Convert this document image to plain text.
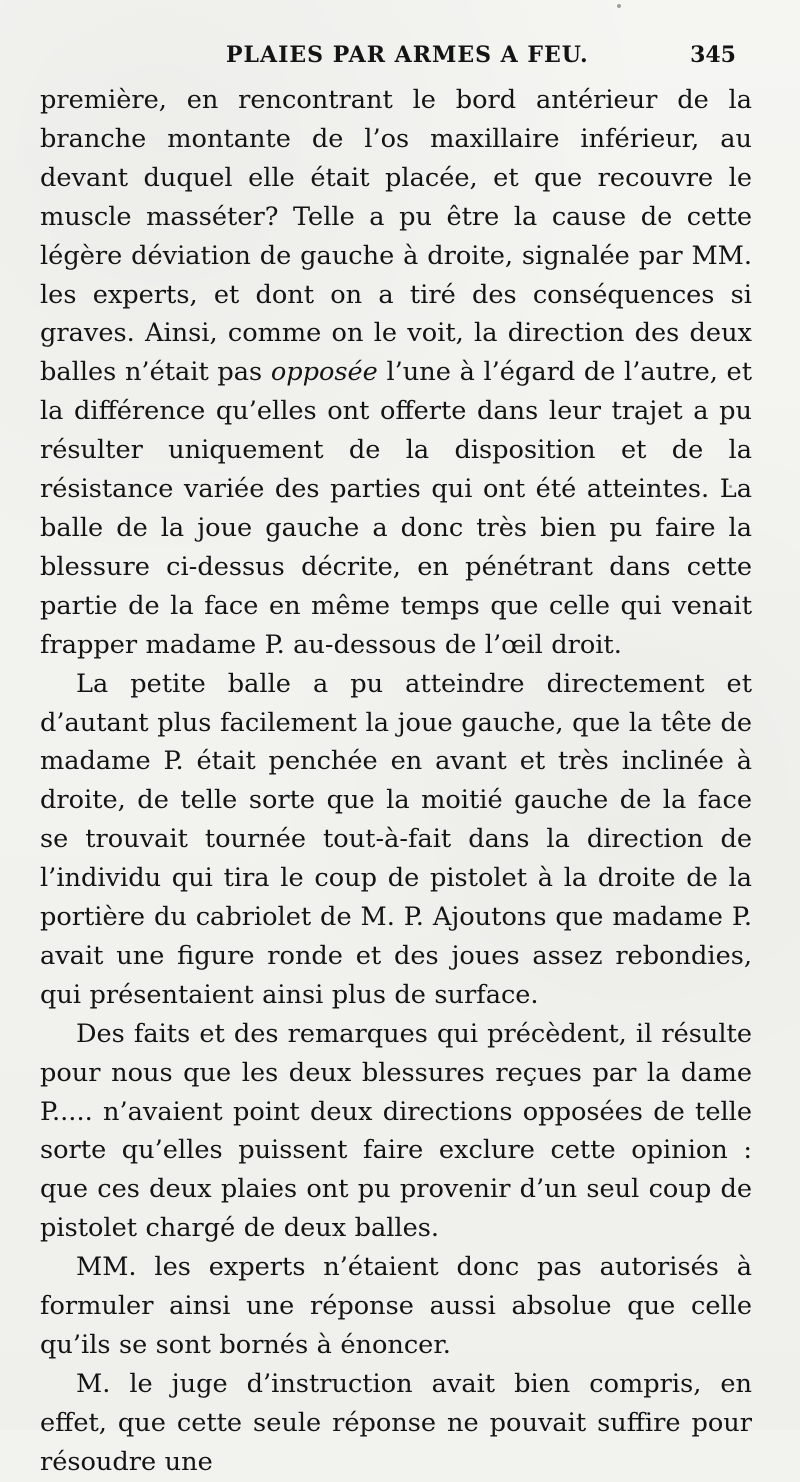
PLAIES PAR ARMES A FEU.	345

première, en rencontrant le bord antérieur de la branche montante de l’os maxillaire inférieur, au devant duquel elle était placée, et que recouvre le muscle masséter? Telle a pu être la cause de cette légère déviation de gauche à droite, signalée par MM. les experts, et dont on a tiré des conséquences si graves. Ainsi, comme on le voit, la direction des deux balles n’était pas opposée l’une à l’égard de l’autre, et la différence qu’elles ont offerte dans leur trajet a pu résulter uniquement de la disposition et de la résistance variée des parties qui ont été atteintes. La balle de la joue gauche a donc très bien pu faire la blessure ci-dessus décrite, en pénétrant dans cette partie de la face en même temps que celle qui venait frapper madame P. au-dessous de l’œil droit.

La petite balle a pu atteindre directement et d’autant plus facilement la joue gauche, que la tête de madame P. était penchée en avant et très inclinée à droite, de telle sorte que la moitié gauche de la face se trouvait tournée tout-à-fait dans la direction de l’individu qui tira le coup de pistolet à la droite de la portière du cabriolet de M. P. Ajoutons que madame P. avait une figure ronde et des joues assez rebondies, qui présentaient ainsi plus de surface.

Des faits et des remarques qui précèdent, il résulte pour nous que les deux blessures reçues par la dame P..... n’avaient point deux directions opposées de telle sorte qu’elles puissent faire exclure cette opinion : que ces deux plaies ont pu provenir d’un seul coup de pistolet chargé de deux balles.

MM. les experts n’étaient donc pas autorisés à formuler ainsi une réponse aussi absolue que celle qu’ils se sont bornés à énoncer.

M. le juge d’instruction avait bien compris, en effet, que cette seule réponse ne pouvait suffire pour résoudre une
